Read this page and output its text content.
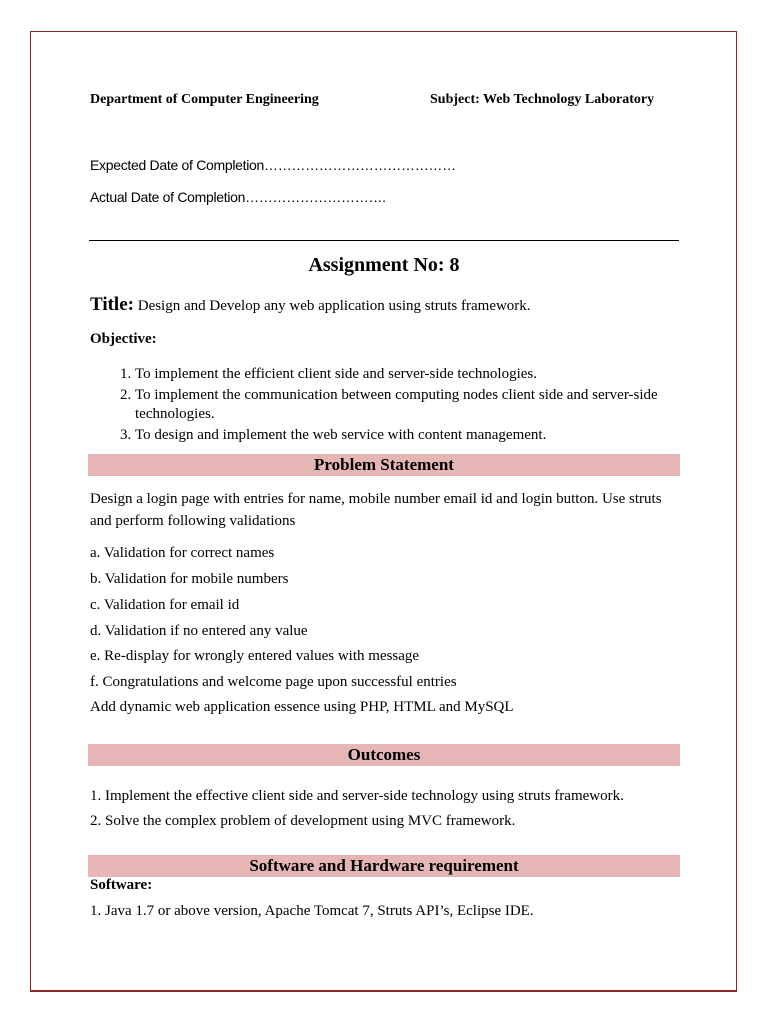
Department of Computer Engineering	Subject: Web Technology Laboratory
Expected Date of Completion……………………………………
Actual Date of Completion………………………….
Assignment No: 8
Title: Design and Develop any web application using struts framework.
Objective:
1. To implement the efficient client side and server-side technologies.
2. To implement the communication between computing nodes client side and server-side technologies.
3. To design and implement the web service with content management.
Problem Statement
Design a login page with entries for name, mobile number email id and login button. Use struts and perform following validations
a. Validation for correct names
b. Validation for mobile numbers
c. Validation for email id
d. Validation if no entered any value
e. Re-display for wrongly entered values with message
f. Congratulations and welcome page upon successful entries
Add dynamic web application essence using PHP, HTML and MySQL
Outcomes
1. Implement the effective client side and server-side technology using struts framework.
2. Solve the complex problem of development using MVC framework.
Software and Hardware requirement
Software:
1. Java 1.7 or above version, Apache Tomcat 7, Struts API’s, Eclipse IDE.
